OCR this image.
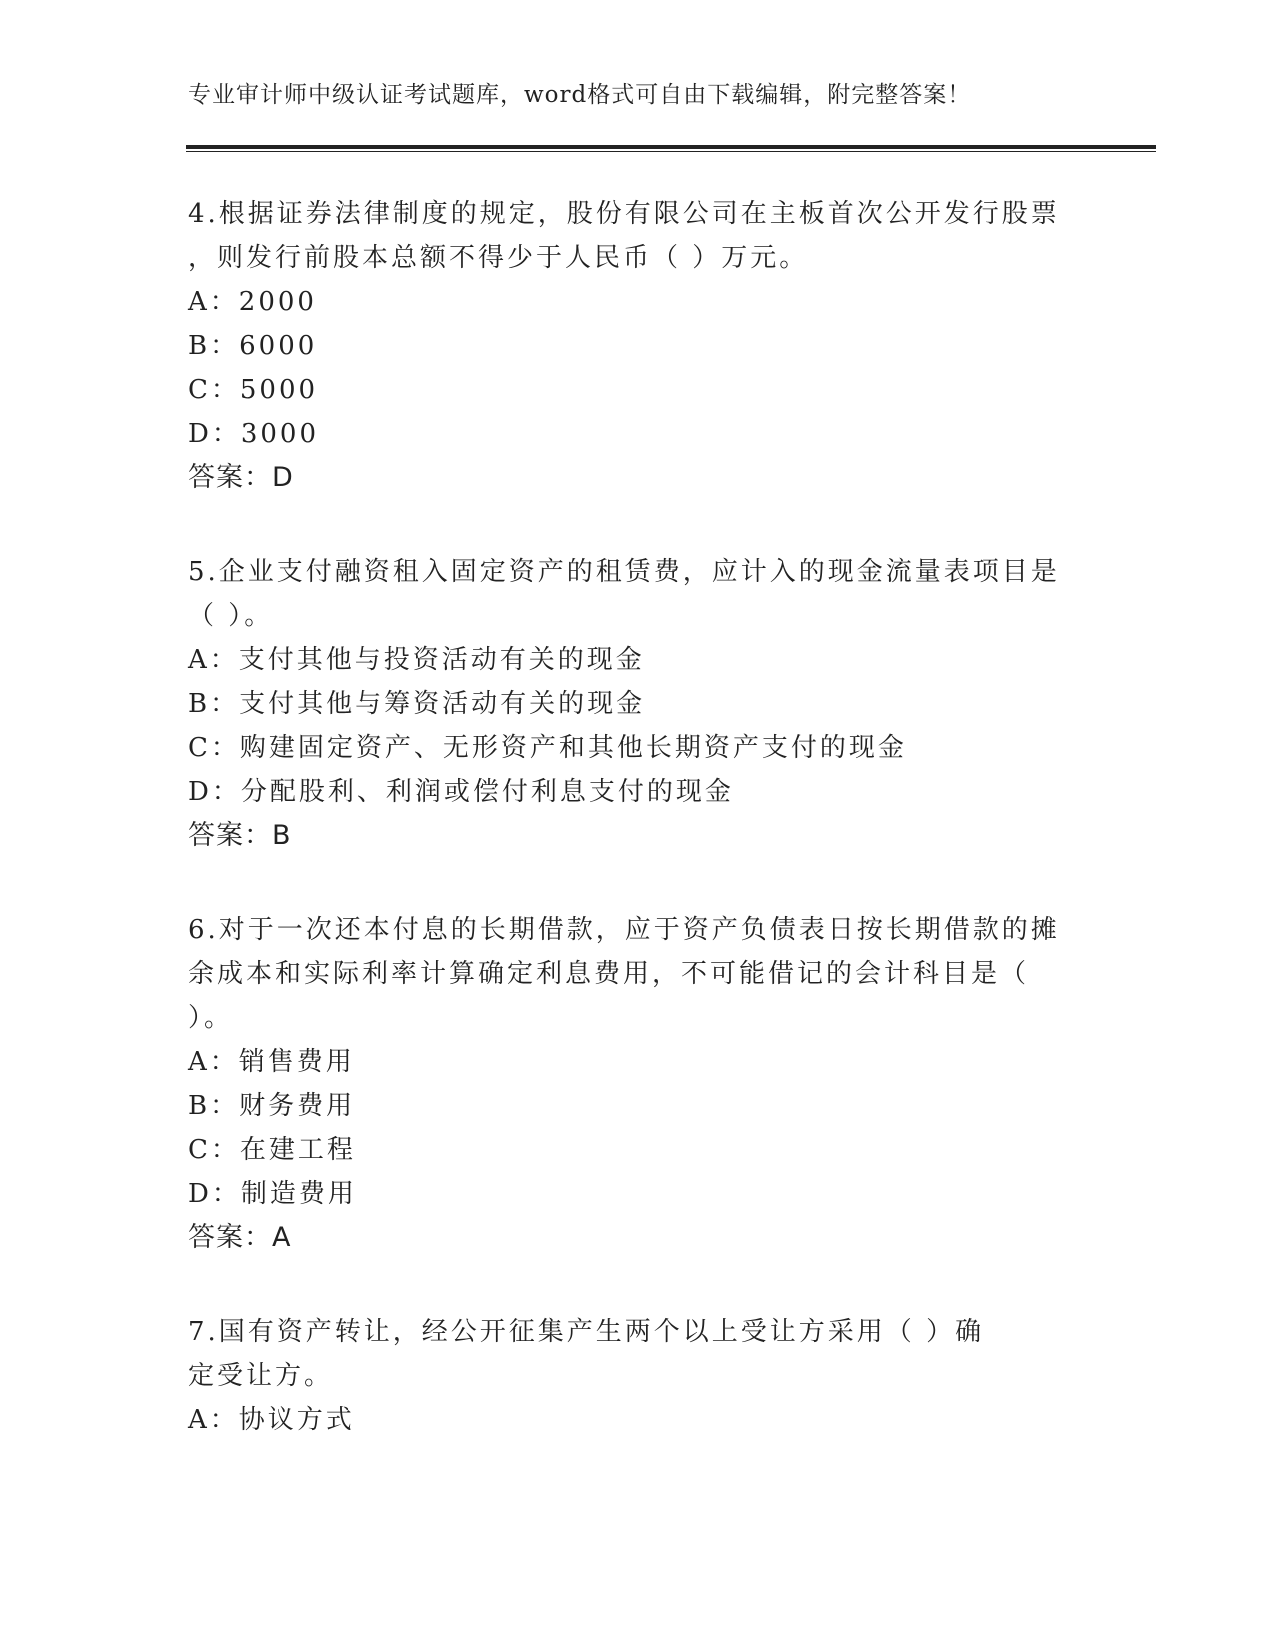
专业审计师中级认证考试题库，word格式可自由下载编辑，附完整答案！
4.根据证券法律制度的规定，股份有限公司在主板首次公开发行股票
，则发行前股本总额不得少于人民币（ ）万元。
A：2000
B：6000
C：5000
D：3000
答案：D
5.企业支付融资租入固定资产的租赁费，应计入的现金流量表项目是
（ ）。
A：支付其他与投资活动有关的现金
B：支付其他与筹资活动有关的现金
C：购建固定资产、无形资产和其他长期资产支付的现金
D：分配股利、利润或偿付利息支付的现金
答案：B
6.对于一次还本付息的长期借款，应于资产负债表日按长期借款的摊
余成本和实际利率计算确定利息费用，不可能借记的会计科目是（
）。
A：销售费用
B：财务费用
C：在建工程
D：制造费用
答案：A
7.国有资产转让，经公开征集产生两个以上受让方采用（ ）确
定受让方。
A：协议方式
